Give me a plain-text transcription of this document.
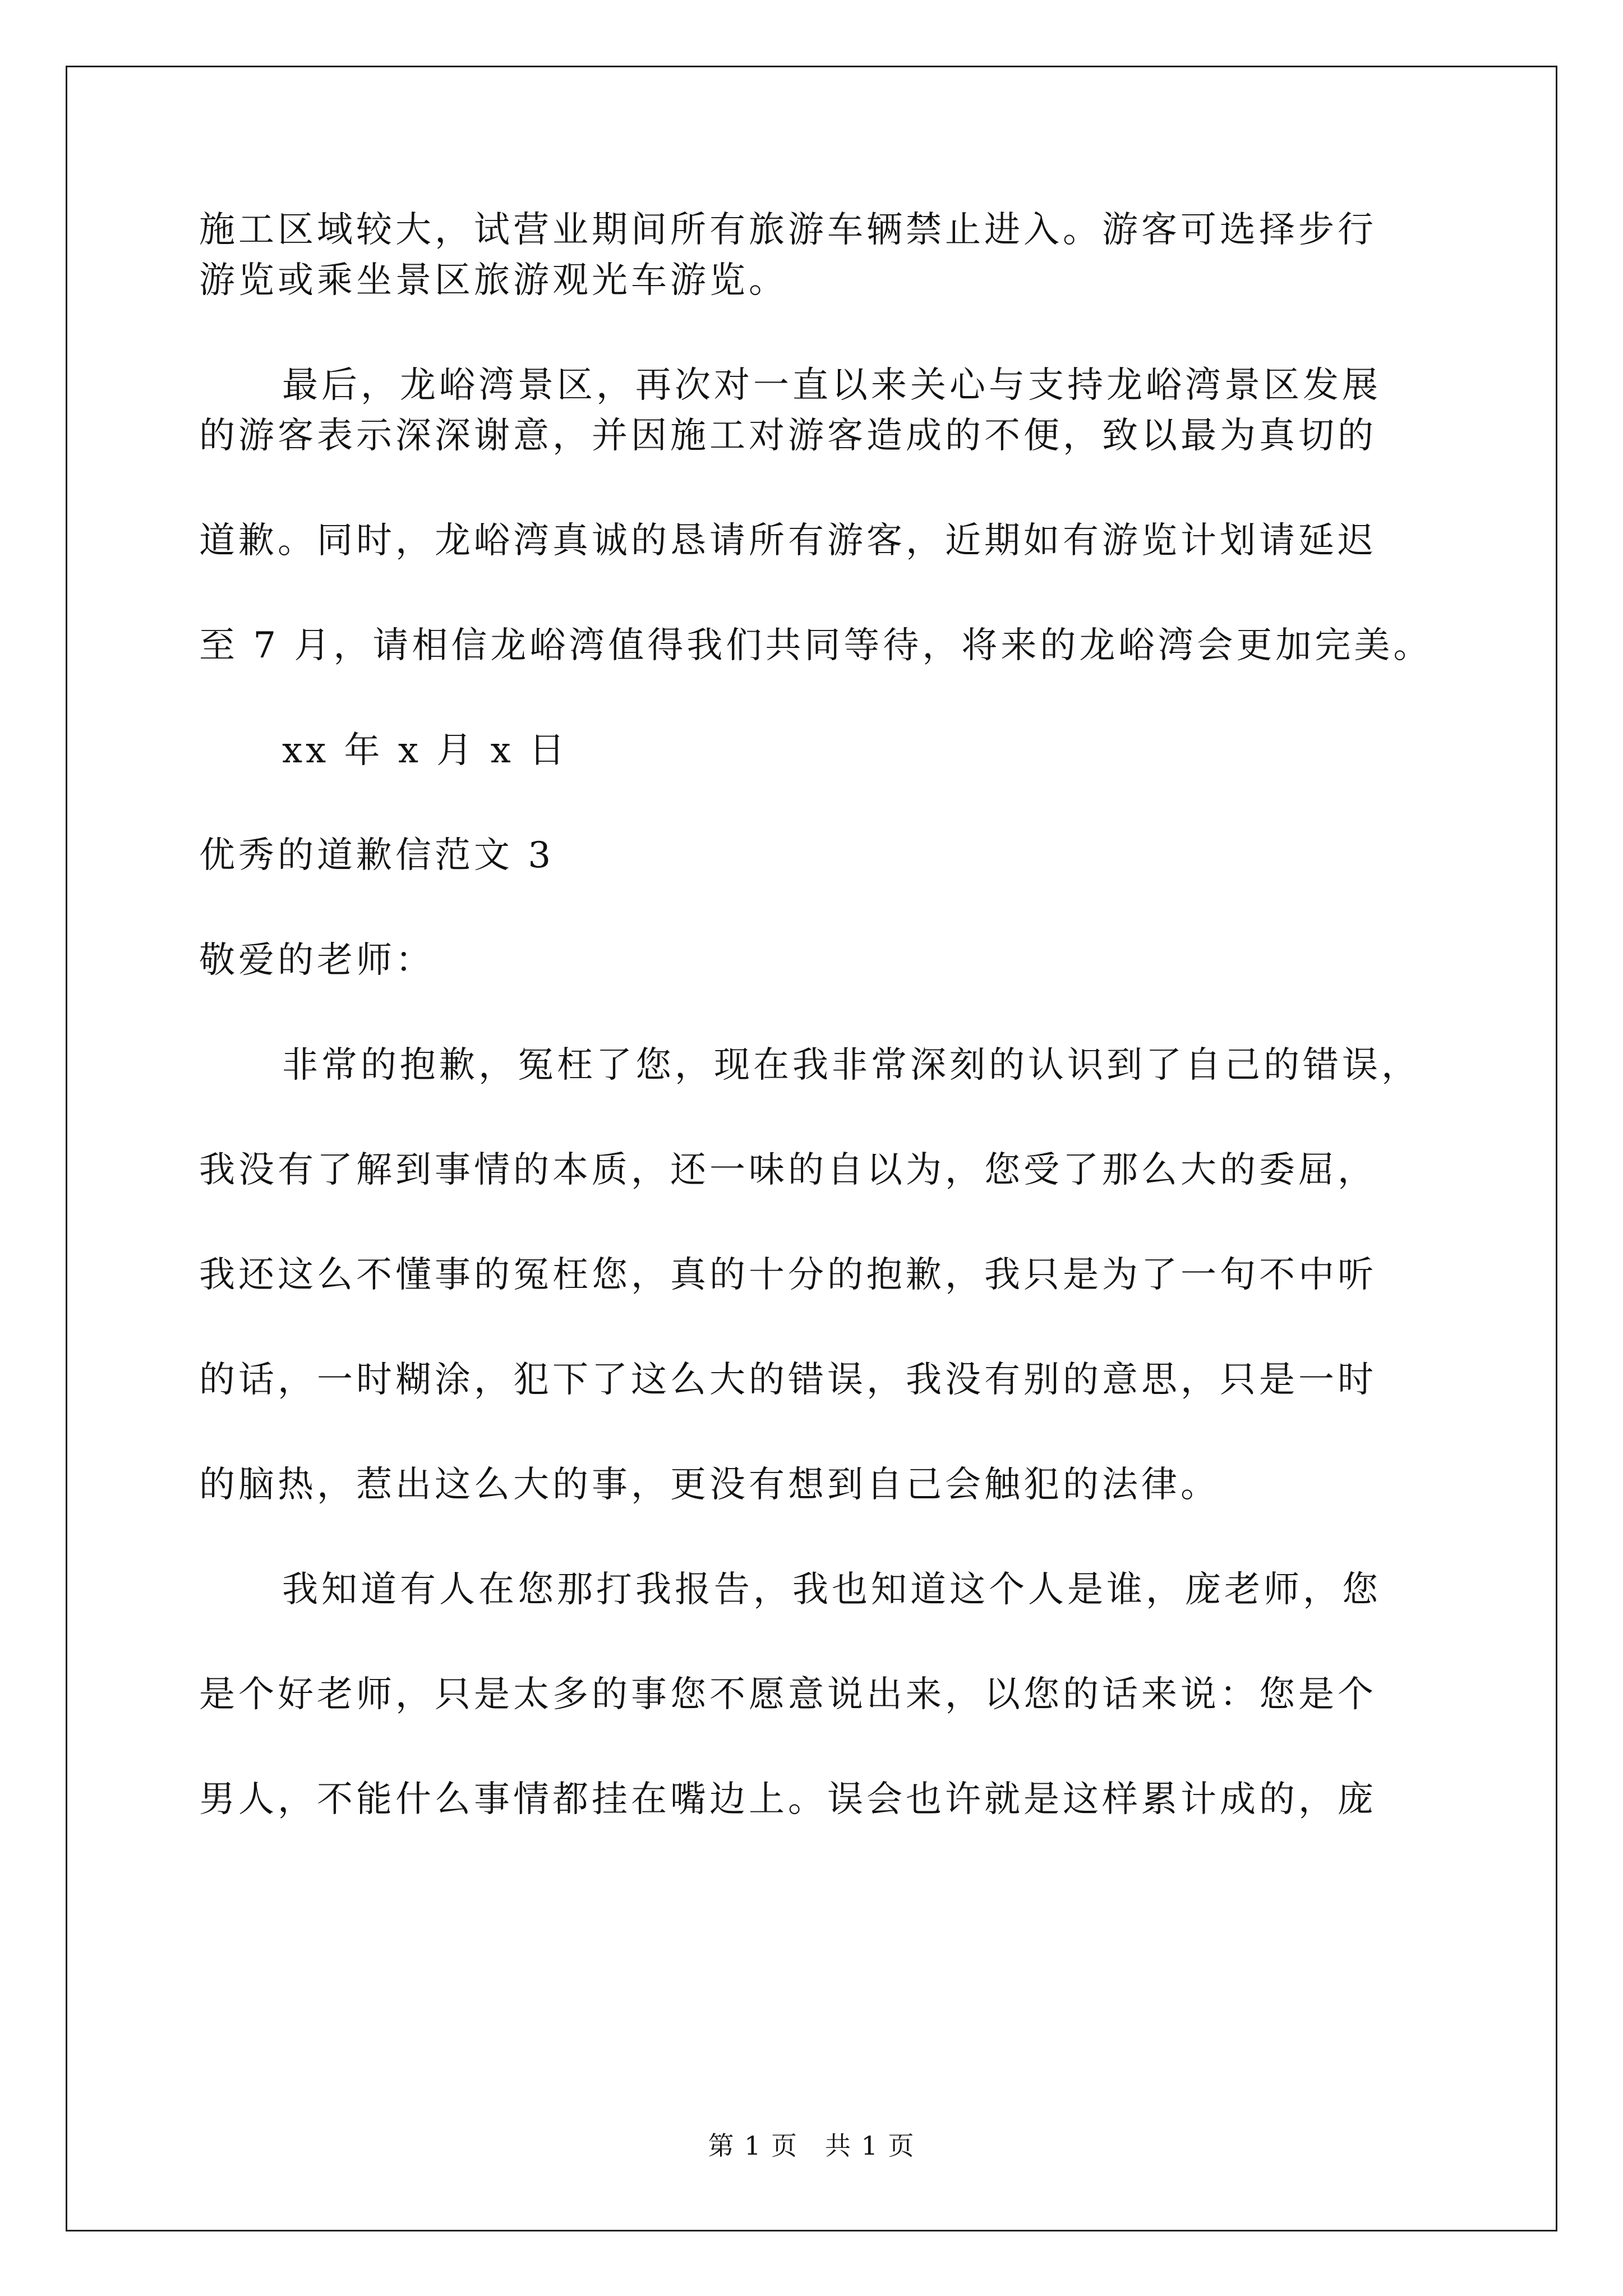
施工区域较大，试营业期间所有旅游车辆禁止进入。游客可选择步行

游览或乘坐景区旅游观光车游览。

最后，龙峪湾景区，再次对一直以来关心与支持龙峪湾景区发展

的游客表示深深谢意，并因施工对游客造成的不便，致以最为真切的

道歉。同时，龙峪湾真诚的恳请所有游客，近期如有游览计划请延迟

至 7 月，请相信龙峪湾值得我们共同等待，将来的龙峪湾会更加完美。

xx 年 x 月 x 日

优秀的道歉信范文 3

敬爱的老师：

非常的抱歉，冤枉了您，现在我非常深刻的认识到了自己的错误，

我没有了解到事情的本质，还一味的自以为，您受了那么大的委屈，

我还这么不懂事的冤枉您，真的十分的抱歉，我只是为了一句不中听

的话，一时糊涂，犯下了这么大的错误，我没有别的意思，只是一时

的脑热，惹出这么大的事，更没有想到自己会触犯的法律。

我知道有人在您那打我报告，我也知道这个人是谁，庞老师，您

是个好老师，只是太多的事您不愿意说出来，以您的话来说：您是个

男人，不能什么事情都挂在嘴边上。误会也许就是这样累计成的，庞

第 1 页　共 1 页
